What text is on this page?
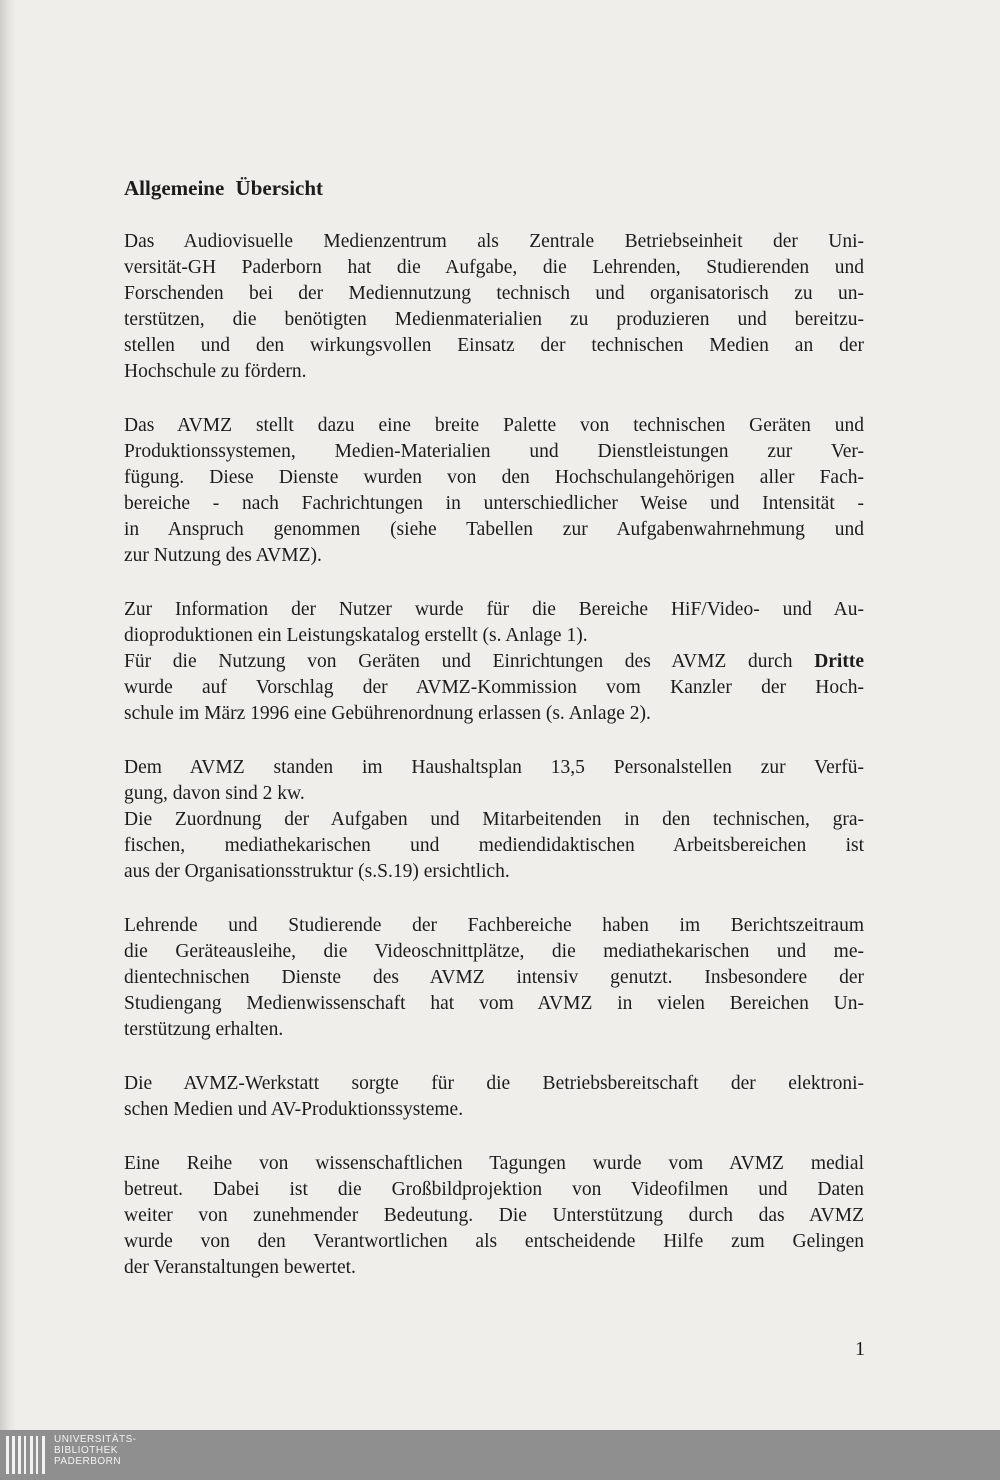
Allgemeine Übersicht

Das Audiovisuelle Medienzentrum als Zentrale Betriebseinheit der Uni-
versität-GH Paderborn hat die Aufgabe, die Lehrenden, Studierenden und
Forschenden bei der Mediennutzung technisch und organisatorisch zu un-
terstützen, die benötigten Medienmaterialien zu produzieren und bereitzu-
stellen und den wirkungsvollen Einsatz der technischen Medien an der
Hochschule zu fördern.

Das AVMZ stellt dazu eine breite Palette von technischen Geräten und
Produktionssystemen, Medien-Materialien und Dienstleistungen zur Ver-
fügung. Diese Dienste wurden von den Hochschulangehörigen aller Fach-
bereiche - nach Fachrichtungen in unterschiedlicher Weise und Intensität -
in Anspruch genommen (siehe Tabellen zur Aufgabenwahrnehmung und
zur Nutzung des AVMZ).

Zur Information der Nutzer wurde für die Bereiche HiF/Video- und Au-
dioproduktionen ein Leistungskatalog erstellt (s. Anlage 1).
Für die Nutzung von Geräten und Einrichtungen des AVMZ durch Dritte
wurde auf Vorschlag der AVMZ-Kommission vom Kanzler der Hoch-
schule im März 1996 eine Gebührenordnung erlassen (s. Anlage 2).

Dem AVMZ standen im Haushaltsplan 13,5 Personalstellen zur Verfü-
gung, davon sind 2 kw.
Die Zuordnung der Aufgaben und Mitarbeitenden in den technischen, gra-
fischen, mediathekarischen und mediendidaktischen Arbeitsbereichen ist
aus der Organisationsstruktur (s.S.19) ersichtlich.

Lehrende und Studierende der Fachbereiche haben im Berichtszeitraum
die Geräteausleihe, die Videoschnittplätze, die mediathekarischen und me-
dientechnischen Dienste des AVMZ intensiv genutzt. Insbesondere der
Studiengang Medienwissenschaft hat vom AVMZ in vielen Bereichen Un-
terstützung erhalten.

Die AVMZ-Werkstatt sorgte für die Betriebsbereitschaft der elektroni-
schen Medien und AV-Produktionssysteme.

Eine Reihe von wissenschaftlichen Tagungen wurde vom AVMZ medial
betreut. Dabei ist die Großbildprojektion von Videofilmen und Daten
weiter von zunehmender Bedeutung. Die Unterstützung durch das AVMZ
wurde von den Verantwortlichen als entscheidende Hilfe zum Gelingen
der Veranstaltungen bewertet.

1
UNIVERSITÄTS-
BIBLIOTHEK
PADERBORN
